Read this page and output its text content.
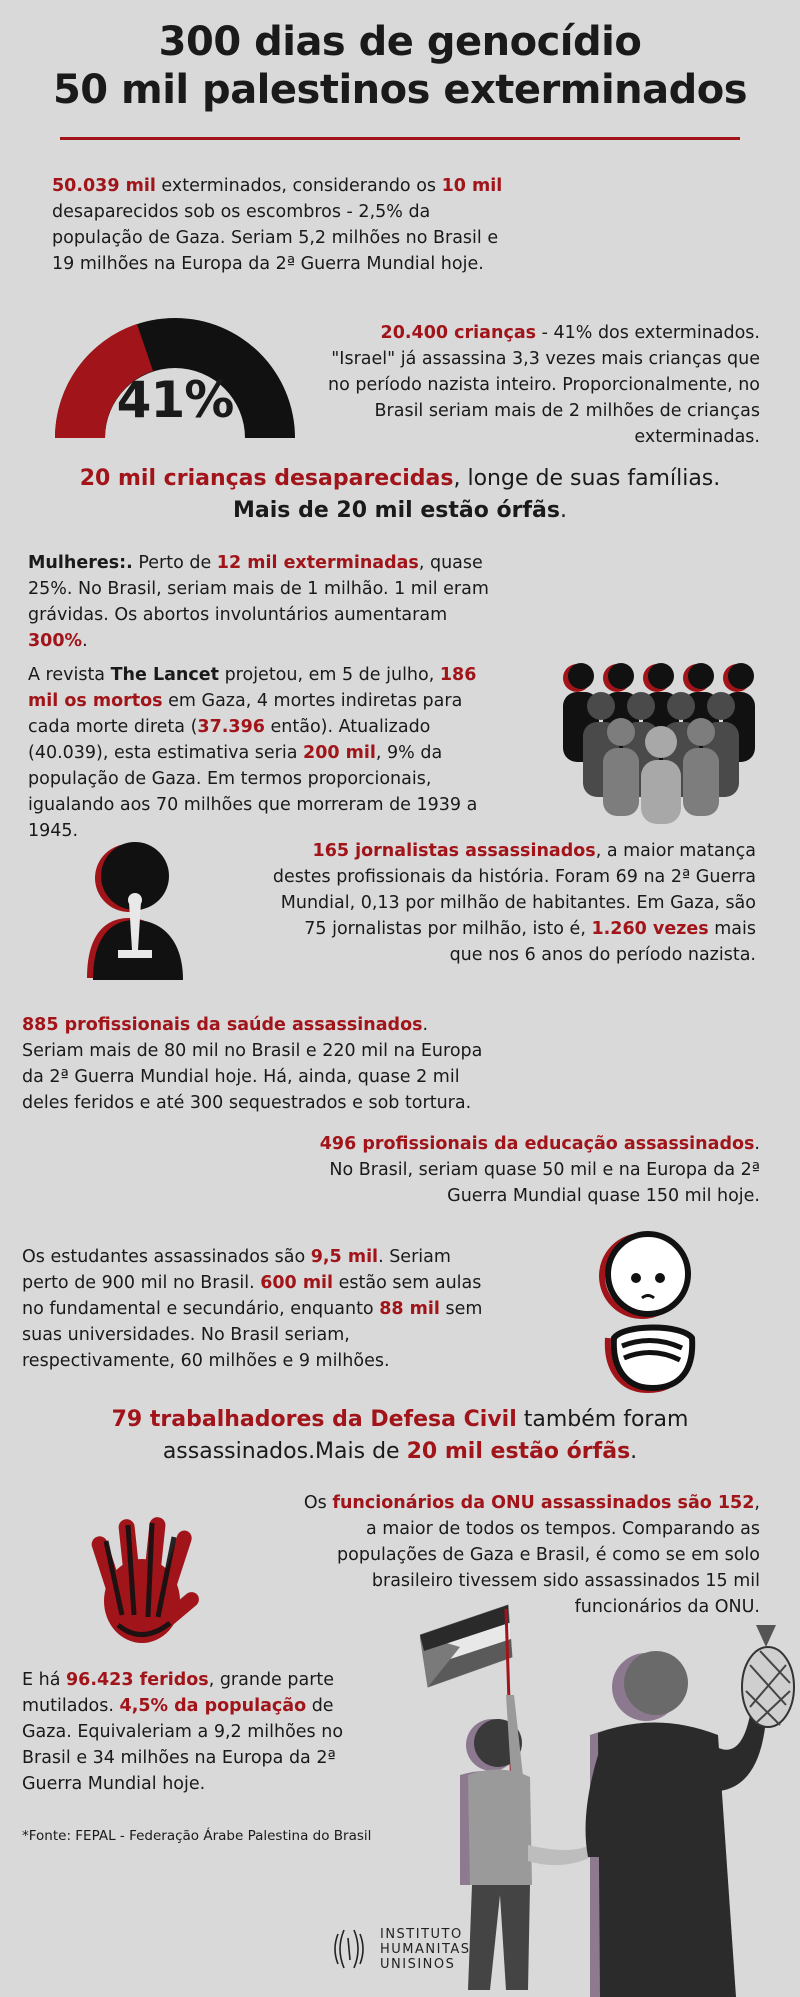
300 dias de genocídio
50 mil palestinos exterminados
50.039 mil exterminados, considerando os 10 mil desaparecidos sob os escombros - 2,5% da população de Gaza. Seriam 5,2 milhões no Brasil e 19 milhões na Europa da 2ª Guerra Mundial hoje.
41%
20.400 crianças - 41% dos exterminados. "Israel" já assassina 3,3 vezes mais crianças que no período nazista inteiro. Proporcionalmente, no Brasil seriam mais de 2 milhões de crianças exterminadas.
20 mil crianças desaparecidas, longe de suas famílias.
Mais de 20 mil estão órfãs.
Mulheres:. Perto de 12 mil exterminadas, quase 25%. No Brasil, seriam mais de 1 milhão. 1 mil eram grávidas. Os abortos involuntários aumentaram 300%.
A revista The Lancet projetou, em 5 de julho, 186 mil os mortos em Gaza, 4 mortes indiretas para cada morte direta (37.396 então). Atualizado (40.039), esta estimativa seria 200 mil, 9% da população de Gaza. Em termos proporcionais, igualando aos 70 milhões que morreram de 1939 a 1945.
165 jornalistas assassinados, a maior matança destes profissionais da história. Foram 69 na 2ª Guerra Mundial, 0,13 por milhão de habitantes. Em Gaza, são 75 jornalistas por milhão, isto é, 1.260 vezes mais que nos 6 anos do período nazista.
885 profissionais da saúde assassinados. Seriam mais de 80 mil no Brasil e 220 mil na Europa da 2ª Guerra Mundial hoje. Há, ainda, quase 2 mil deles feridos e até 300 sequestrados e sob tortura.
496 profissionais da educação assassinados. No Brasil, seriam quase 50 mil e na Europa da 2ª Guerra Mundial quase 150 mil hoje.
Os estudantes assassinados são 9,5 mil. Seriam perto de 900 mil no Brasil. 600 mil estão sem aulas no fundamental e secundário, enquanto 88 mil sem suas universidades. No Brasil seriam, respectivamente, 60 milhões e 9 milhões.
79 trabalhadores da Defesa Civil também foram assassinados.Mais de 20 mil estão órfãs.
Os funcionários da ONU assassinados são 152, a maior de todos os tempos. Comparando as populações de Gaza e Brasil, é como se em solo brasileiro tivessem sido assassinados 15 mil funcionários da ONU.
E há 96.423 feridos, grande parte mutilados. 4,5% da população de Gaza. Equivaleriam a 9,2 milhões no Brasil e 34 milhões na Europa da 2ª Guerra Mundial hoje.
*Fonte: FEPAL - Federação Árabe Palestina do Brasil
INSTITUTO
HUMANITAS
UNISINOS
